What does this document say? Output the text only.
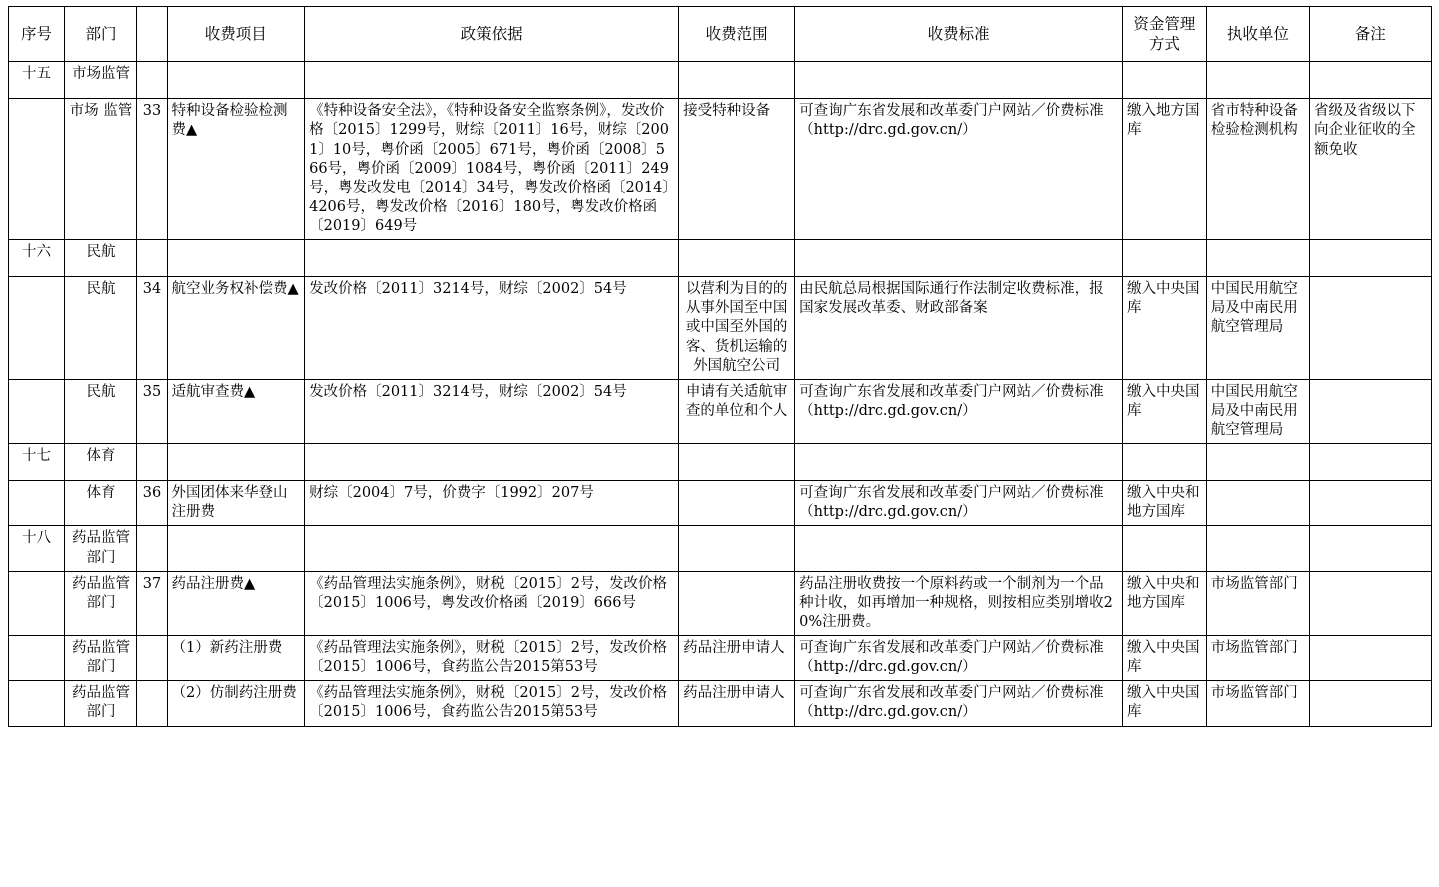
序号	部门		收费项目	政策依据	收费范围	收费标准	资金管理方式	执收单位	备注
十五	市场监管								
	市场 监管	33	特种设备检验检测费▲	《特种设备安全法》，《特种设备安全监察条例》，发改价格〔2015〕1299号，财综〔2011〕16号，财综〔2001〕10号，粤价函〔2005〕671号，粤价函〔2008〕566号，粤价函〔2009〕1084号，粤价函〔2011〕249号，粤发改发电〔2014〕34号，粤发改价格函〔2014〕4206号，粤发改价格〔2016〕180号，粤发改价格函〔2019〕649号	接受特种设备	可查询广东省发展和改革委门户网站／价费标准（http://drc.gd.gov.cn/）	缴入地方国库	省市特种设备检验检测机构	省级及省级以下向企业征收的全额免收
十六	民航								
	民航	34	航空业务权补偿费▲	发改价格〔2011〕3214号，财综〔2002〕54号	以营利为目的的从事外国至中国或中国至外国的客、货机运输的外国航空公司	由民航总局根据国际通行作法制定收费标准，报国家发展改革委、财政部备案	缴入中央国库	中国民用航空局及中南民用航空管理局	
	民航	35	适航审查费▲	发改价格〔2011〕3214号，财综〔2002〕54号	申请有关适航审查的单位和个人	可查询广东省发展和改革委门户网站／价费标准（http://drc.gd.gov.cn/）	缴入中央国库	中国民用航空局及中南民用航空管理局	
十七	体育								
	体育	36	外国团体来华登山注册费	财综〔2004〕7号，价费字〔1992〕207号		可查询广东省发展和改革委门户网站／价费标准（http://drc.gd.gov.cn/）	缴入中央和地方国库		
十八	药品监管部门								
	药品监管部门	37	药品注册费▲	《药品管理法实施条例》，财税〔2015〕2号，发改价格〔2015〕1006号，粤发改价格函〔2019〕666号		药品注册收费按一个原料药或一个制剂为一个品种计收，如再增加一种规格，则按相应类别增收20%注册费。	缴入中央和地方国库	市场监管部门	
	药品监管部门		（1）新药注册费	《药品管理法实施条例》，财税〔2015〕2号，发改价格〔2015〕1006号，食药监公告2015第53号	药品注册申请人	可查询广东省发展和改革委门户网站／价费标准（http://drc.gd.gov.cn/）	缴入中央国库	市场监管部门	
	药品监管部门		（2）仿制药注册费	《药品管理法实施条例》，财税〔2015〕2号，发改价格〔2015〕1006号，食药监公告2015第53号	药品注册申请人	可查询广东省发展和改革委门户网站／价费标准（http://drc.gd.gov.cn/）	缴入中央国库	市场监管部门	
